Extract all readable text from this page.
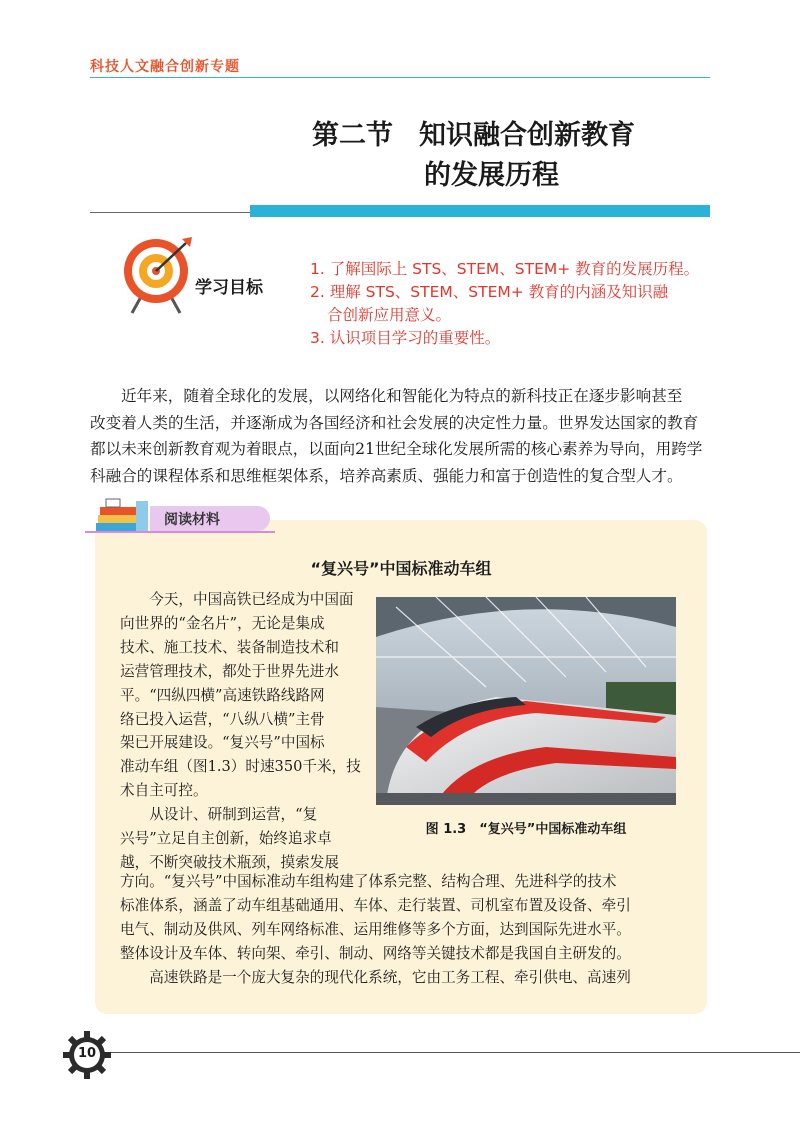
科技人文融合创新专题
第二节 知识融合创新教育
的发展历程
学习目标
1. 了解国际上 STS、STEM、STEM+ 教育的发展历程。
2. 理解 STS、STEM、STEM+ 教育的内涵及知识融
合创新应用意义。
3. 认识项目学习的重要性。
近年来，随着全球化的发展，以网络化和智能化为特点的新科技正在逐步影响甚至
改变着人类的生活，并逐渐成为各国经济和社会发展的决定性力量。世界发达国家的教育
都以未来创新教育观为着眼点，以面向21世纪全球化发展所需的核心素养为导向，用跨学
科融合的课程体系和思维框架体系，培养高素质、强能力和富于创造性的复合型人才。
阅读材料
“复兴号”中国标准动车组
　　今天，中国高铁已经成为中国面
向世界的“金名片”，无论是集成
技术、施工技术、装备制造技术和
运营管理技术，都处于世界先进水
平。“四纵四横”高速铁路线路网
络已投入运营，“八纵八横”主骨
架已开展建设。“复兴号”中国标
准动车组（图1.3）时速350千米，技
术自主可控。
　　从设计、研制到运营，“复
兴号”立足自主创新，始终追求卓
越，不断突破技术瓶颈，摸索发展
图 1.3　“复兴号”中国标准动车组
方向。“复兴号”中国标准动车组构建了体系完整、结构合理、先进科学的技术
标准体系，涵盖了动车组基础通用、车体、走行装置、司机室布置及设备、牵引
电气、制动及供风、列车网络标准、运用维修等多个方面，达到国际先进水平。
整体设计及车体、转向架、牵引、制动、网络等关键技术都是我国自主研发的。
　　高速铁路是一个庞大复杂的现代化系统，它由工务工程、牵引供电、高速列
10
